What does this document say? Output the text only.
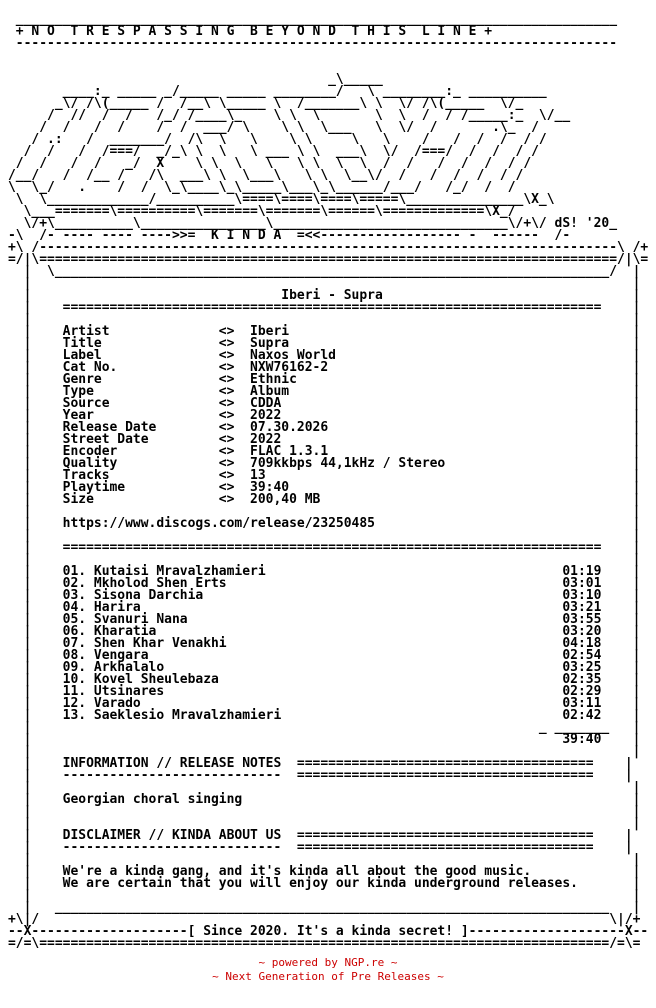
_____________________________________________________________________________
+ N O  T R E S P A S S I N G  B E Y O N D  T H I S  L I N E +
-----------------------------------------------------------------------------

_\_____
____:_ _____ _/_____ _____ ________/   \ ________:_ __________
_\/ /\(_____ /  /__\ \_____ \  /_______\ \  \/ /\(_____  \/_
/  //  /  /   /_/ /____\_    \ \  \       \  \  /  / /_____:_  \/__
/  /   /  /    /  /  ___/ \    \ \  \___   \  \/  /       .\_  /
/ .:   /  _______/  /\  \   \    \ \     \   \    /   /  /  /  / /
/  /   /  /===/  _/_\ \  \   \ ___ \ \  ___\  \/  /===/  /  /  / /
/  /   /  /   _/  X    \ \  \   \   \ \  \  \  /  /   /  /  /  / /
/__/   /  /__ /   /\  ___\ \  \___\   \ \  \__\/  /   /  /  /  / /
\  \_/   .    /  /  \_\____\_\_____\___\_\______/___/   /_/  /  /
\  \_____________/__________\====\====\====\=====\_______________\X_\
\___=======\==========\=======\=======\======\=============\X_/
\/+\__________\________________\______________________________\/+\/ dS! '20_
-\  /- ---- ---- ---->>=  K I N D A  =<<------------------ -  ------  /-
+\ /--------------------------------------------------------------------------\ /+
=/|\==========================================================================/|\=
|  \_______________________________________________________________________/  |
|                                                                             |
|                                Iberi - Supra                                |
|    =====================================================================    |
|                                                                             |
|    Artist              <>  Iberi                                            |
|    Title               <>  Supra                                            |
|    Label               <>  Naxos World                                      |
|    Cat No.             <>  NXW76162-2                                       |
|    Genre               <>  Ethnic                                           |
|    Type                <>  Album                                            |
|    Source              <>  CDDA                                             |
|    Year                <>  2022                                             |
|    Release Date        <>  07.30.2026                                       |
|    Street Date         <>  2022                                             |
|    Encoder             <>  FLAC 1.3.1                                       |
|    Quality             <>  709kkbps 44,1kHz / Stereo                        |
|    Tracks              <>  13                                               |
|    Playtime            <>  39:40                                            |
|    Size                <>  200,40 MB                                        |
|                                                                             |
|    https://www.discogs.com/release/23250485                                 |
|                                                                             |
|    =====================================================================    |
|                                                                             |
|    01. Kutaisi Mravalzhamieri                                      01:19    |
|    02. Mkholod Shen Erts                                           03:01    |
|    03. Sisona Darchia                                              03:10    |
|    04. Harira                                                      03:21    |
|    05. Svanuri Nana                                                03:55    |
|    06. Kharatia                                                    03:20    |
|    07. Shen Khar Venakhi                                           04:18    |
|    08. Vengara                                                     02:54    |
|    09. Arkhalalo                                                   03:25    |
|    10. Kovel Sheulebaza                                            02:35    |
|    11. Utsinares                                                   02:29    |
|    12. Varado                                                      03:11    |
|    13. Saeklesio Mravalzhamieri                                    02:42    |
|                                                                 _ _______   |
|                                                                    39:40    |
|                                                                             |
|    INFORMATION // RELEASE NOTES  ======================================    |
|    ----------------------------  ======================================    |
|                                                                             |
|    Georgian choral singing                                                  |
|                                                                             |
|                                                                             |
|    DISCLAIMER // KINDA ABOUT US  ======================================    |
|    ----------------------------  ======================================    |
|                                                                             |
|    We're a kinda gang, and it's kinda all about the good music.             |
|    We are certain that you will enjoy our kinda underground releases.       |
|                                                                             |
|   _______________________________________________________________________   |
+\|/                                                                         \|/+
--X--------------------[ Since 2020. It's a kinda secret! ]--------------------X--
=/=\=========================================================================/=\=
~ powered by NGP.re ~
~ Next Generation of Pre Releases ~
